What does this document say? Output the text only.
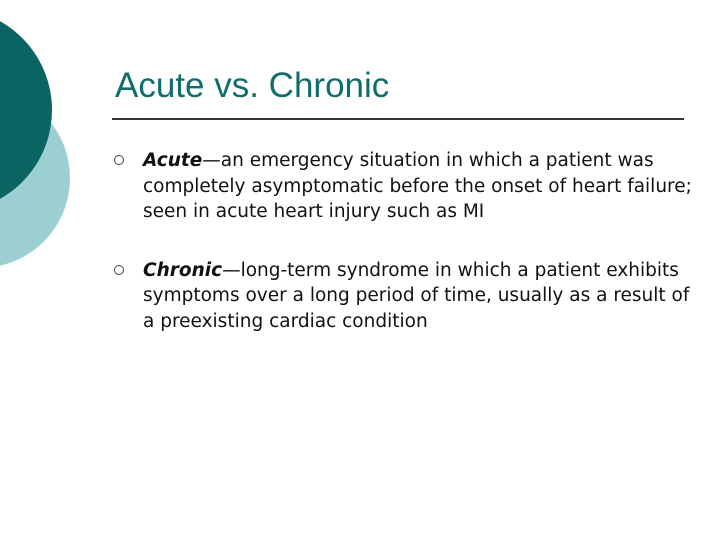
Acute vs. Chronic
Acute—an emergency situation in which a patient was completely asymptomatic before the onset of heart failure; seen in acute heart injury such as MI
Chronic—long-term syndrome in which a patient exhibits symptoms over a long period of time, usually as a result of a preexisting cardiac condition
